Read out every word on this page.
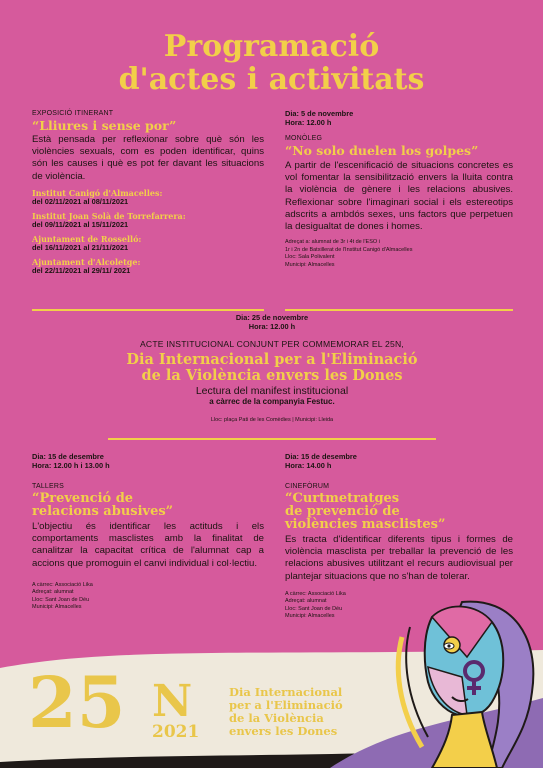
Programació
d'actes i activitats
EXPOSICIÓ ITINERANT
“Lliures i sense por”
Està pensada per reflexionar sobre què són les violències sexuals, com es poden identificar, quins són les causes i què es pot fer davant les situacions de violència.
Institut Canigó d'Almacelles:
del 02/11/2021 al 08/11/2021
Institut Joan Solà de Torrefarrera:
del 09/11/2021 al 15/11/2021
Ajuntament de Rosselló:
del 16/11/2021 al 21/11/2021
Ajuntament d'Alcoletge:
del 22/11/2021 al 29/11/ 2021
Dia: 5 de novembre
Hora: 12.00 h
MONÒLEG
“No solo duelen los golpes”
A partir de l'escenificació de situacions concretes es vol fomentar la sensibilització envers la lluita contra la violència de gènere i les relacions abusives. Reflexionar sobre l'imaginari social i els estereotips adscrits a ambdós sexes, uns factors que perpetuen la desigualtat de dones i homes.
Adreçat a: alumnat de 3r i 4t de l'ESO i
1r i 2n de Batxillerat de l'Institut Canigó d'Almacelles
Lloc: Sala Polivalent
Municipi: Almacelles
Dia: 25 de novembre
Hora: 12.00 h
ACTE INSTITUCIONAL CONJUNT PER COMMEMORAR EL 25N,
Dia Internacional per a l'Eliminació
de la Violència envers les Dones
Lectura del manifest institucional
a càrrec de la companyia Festuc.
Lloc: plaça Pati de les Comèdies | Municipi: Lleida
Dia: 15 de desembre
Hora: 12.00 h i 13.00 h
TALLERS
“Prevenció de
relacions abusives”
L'objectiu és identificar les actituds i els comportaments masclistes amb la finalitat de canalitzar la capacitat crítica de l'alumnat cap a accions que promoguin el canvi individual i col·lectiu.
A càrrec: Associació Lika
Adreçat: alumnat
Lloc: Sant Joan de Déu
Municipi: Almacelles
Dia: 15 de desembre
Hora: 14.00 h
CINEFÒRUM
“Curtmetratges
de prevenció de
violències masclistes”
Es tracta d'identificar diferents tipus i formes de violència masclista per treballar la prevenció de les relacions abusives utilitzant el recurs audiovisual per plantejar situacions que no s'han de tolerar.
A càrrec: Associació Lika
Adreçat: alumnat
Lloc: Sant Joan de Déu
Municipi: Almacelles
25 N
2021
Dia Internacional
per a l'Eliminació
de la Violència
envers les Dones
